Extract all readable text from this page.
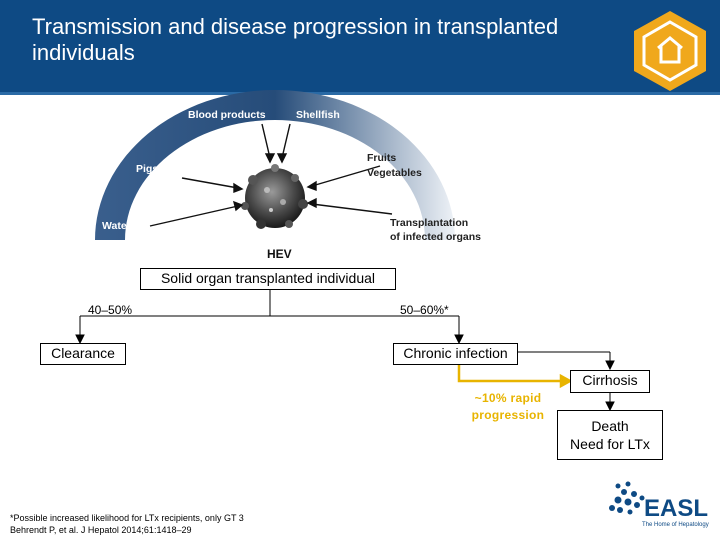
Transmission and disease progression in transplanted individuals
Blood products	Shellfish
Pigs
Fruits
Vegetables
Water	Transplantation
of infected organs
HEV
Solid organ transplanted individual
40–50%	50–60%*
Clearance	Chronic infection
Cirrhosis
~10% rapid
progression
Death
Need for LTx
*Possible increased likelihood for LTx recipients, only GT 3
Behrendt P, et al. J Hepatol 2014;61:1418–29
EASL
The Home of Hepatology
